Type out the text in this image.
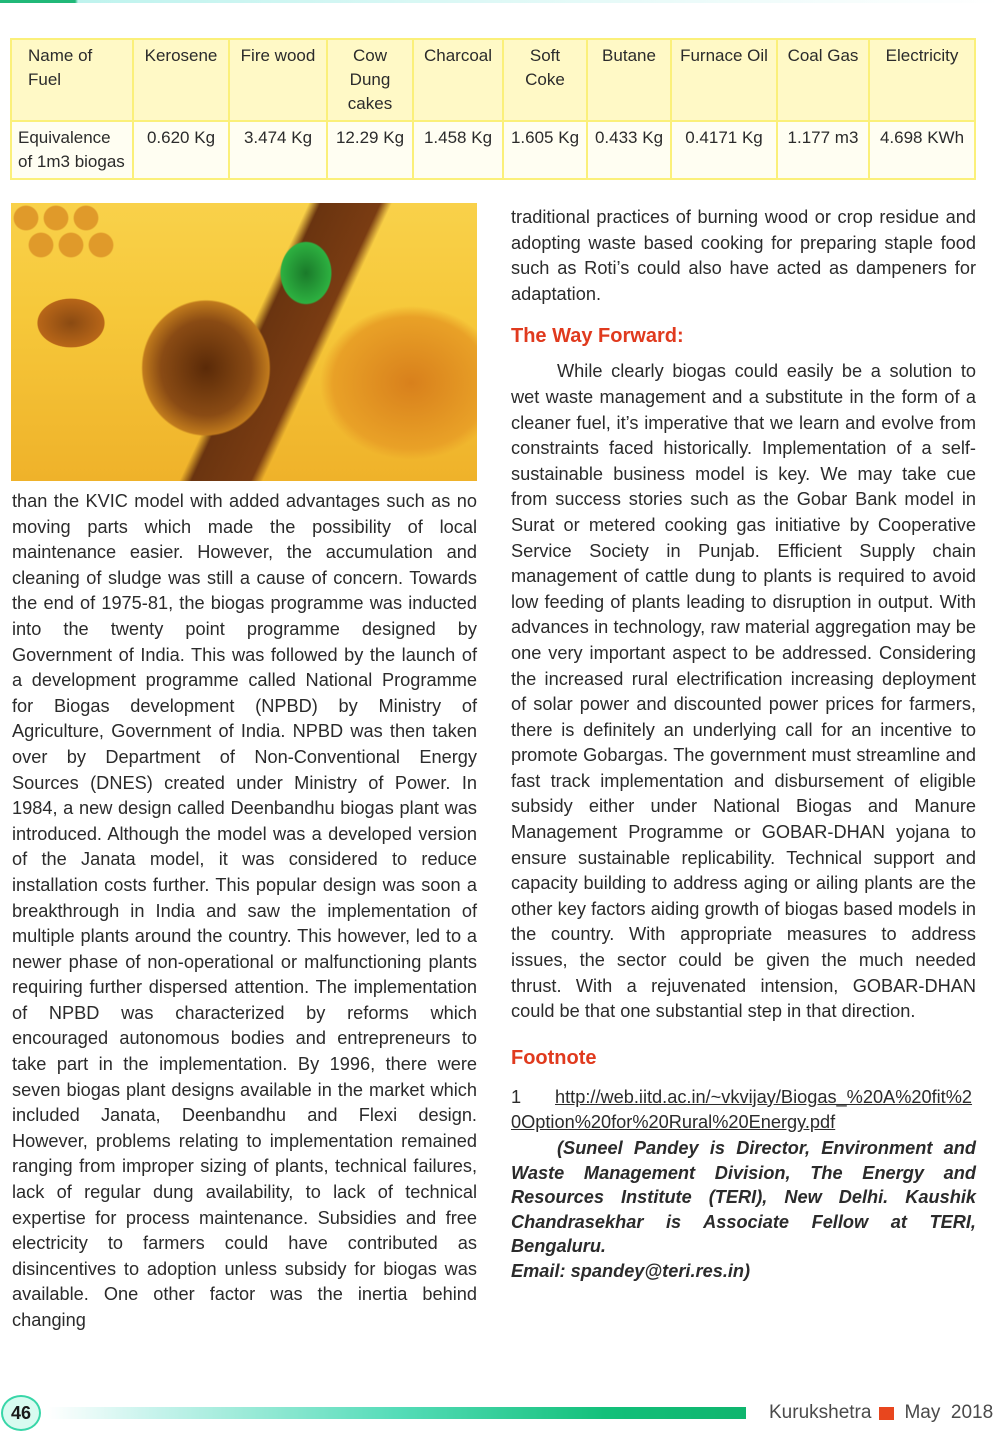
Name of Fuel	Kerosene	Fire wood	Cow Dung cakes	Charcoal	Soft Coke	Butane	Furnace Oil	Coal Gas	Electricity
Equivalence of 1m3 biogas	0.620 Kg	3.474 Kg	12.29 Kg	1.458 Kg	1.605 Kg	0.433 Kg	0.4171 Kg	1.177 m3	4.698 KWh

than the KVIC model with added advantages such as no moving parts which made the possibility of local maintenance easier. However, the accumulation and cleaning of sludge was still a cause of concern. Towards the end of 1975-81, the biogas programme was inducted into the twenty point programme designed by Government of India. This was followed by the launch of a development programme called National Programme for Biogas development (NPBD) by Ministry of Agriculture, Government of India. NPBD was then taken over by Department of Non-Conventional Energy Sources (DNES) created under Ministry of Power. In 1984, a new design called Deenbandhu biogas plant was introduced. Although the model was a developed version of the Janata model, it was considered to reduce installation costs further. This popular design was soon a breakthrough in India and saw the implementation of multiple plants around the country. This however, led to a newer phase of non-operational or malfunctioning plants requiring further dispersed attention. The implementation of NPBD was characterized by reforms which encouraged autonomous bodies and entrepreneurs to take part in the implementation. By 1996, there were seven biogas plant designs available in the market which included Janata, Deenbandhu and Flexi design. However, problems relating to implementation remained ranging from improper sizing of plants, technical failures, lack of regular dung availability, to lack of technical expertise for process maintenance. Subsidies and free electricity to farmers could have contributed as disincentives to adoption unless subsidy for biogas was available. One other factor was the inertia behind changing

traditional practices of burning wood or crop residue and adopting waste based cooking for preparing staple food such as Roti’s could also have acted as dampeners for adaptation.

The Way Forward:

While clearly biogas could easily be a solution to wet waste management and a substitute in the form of a cleaner fuel, it’s imperative that we learn and evolve from constraints faced historically. Implementation of a self-sustainable business model is key. We may take cue from success stories such as the Gobar Bank model in Surat or metered cooking gas initiative by Cooperative Service Society in Punjab. Efficient Supply chain management of cattle dung to plants is required to avoid low feeding of plants leading to disruption in output. With advances in technology, raw material aggregation may be one very important aspect to be addressed. Considering the increased rural electrification increasing deployment of solar power and discounted power prices for farmers, there is definitely an underlying call for an incentive to promote Gobargas. The government must streamline and fast track implementation and disbursement of eligible subsidy either under National Biogas and Manure Management Programme or GOBAR-DHAN yojana to ensure sustainable replicability. Technical support and capacity building to address aging or ailing plants are the other key factors aiding growth of biogas based models in the country. With appropriate measures to address issues, the sector could be given the much needed thrust. With a rejuvenated intension, GOBAR-DHAN could be that one substantial step in that direction.

Footnote
1 http://web.iitd.ac.in/~vkvijay/Biogas_%20A%20fit%20Option%20for%20Rural%20Energy.pdf

(Suneel Pandey is Director, Environment and Waste Management Division, The Energy and Resources Institute (TERI), New Delhi. Kaushik Chandrasekhar is Associate Fellow at TERI, Bengaluru.
Email: spandey@teri.res.in)

46	Kurukshetra May  2018
